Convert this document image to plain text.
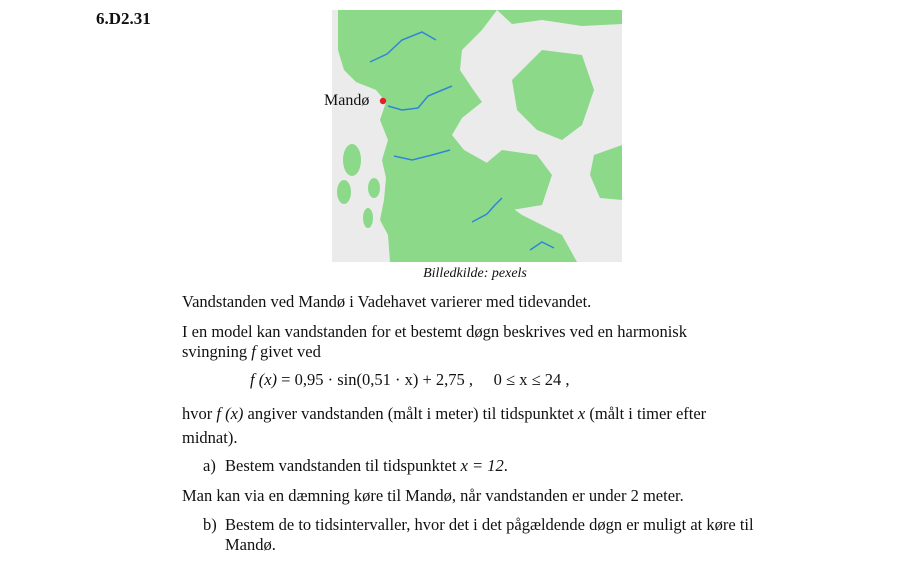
6.D2.31
Mandø
Billedkilde: pexels
Vandstanden ved Mandø i Vadehavet varierer med tidevandet.
I en model kan vandstanden for et bestemt døgn beskrives ved en harmonisk svingning f givet ved
f (x) = 0,95 · sin(0,51 · x) + 2,75 , 0 ≤ x ≤ 24 ,
hvor f (x) angiver vandstanden (målt i meter) til tidspunktet x (målt i timer efter midnat).
a) Bestem vandstanden til tidspunktet x = 12.
Man kan via en dæmning køre til Mandø, når vandstanden er under 2 meter.
b) Bestem de to tidsintervaller, hvor det i det pågældende døgn er muligt at køre til Mandø.
